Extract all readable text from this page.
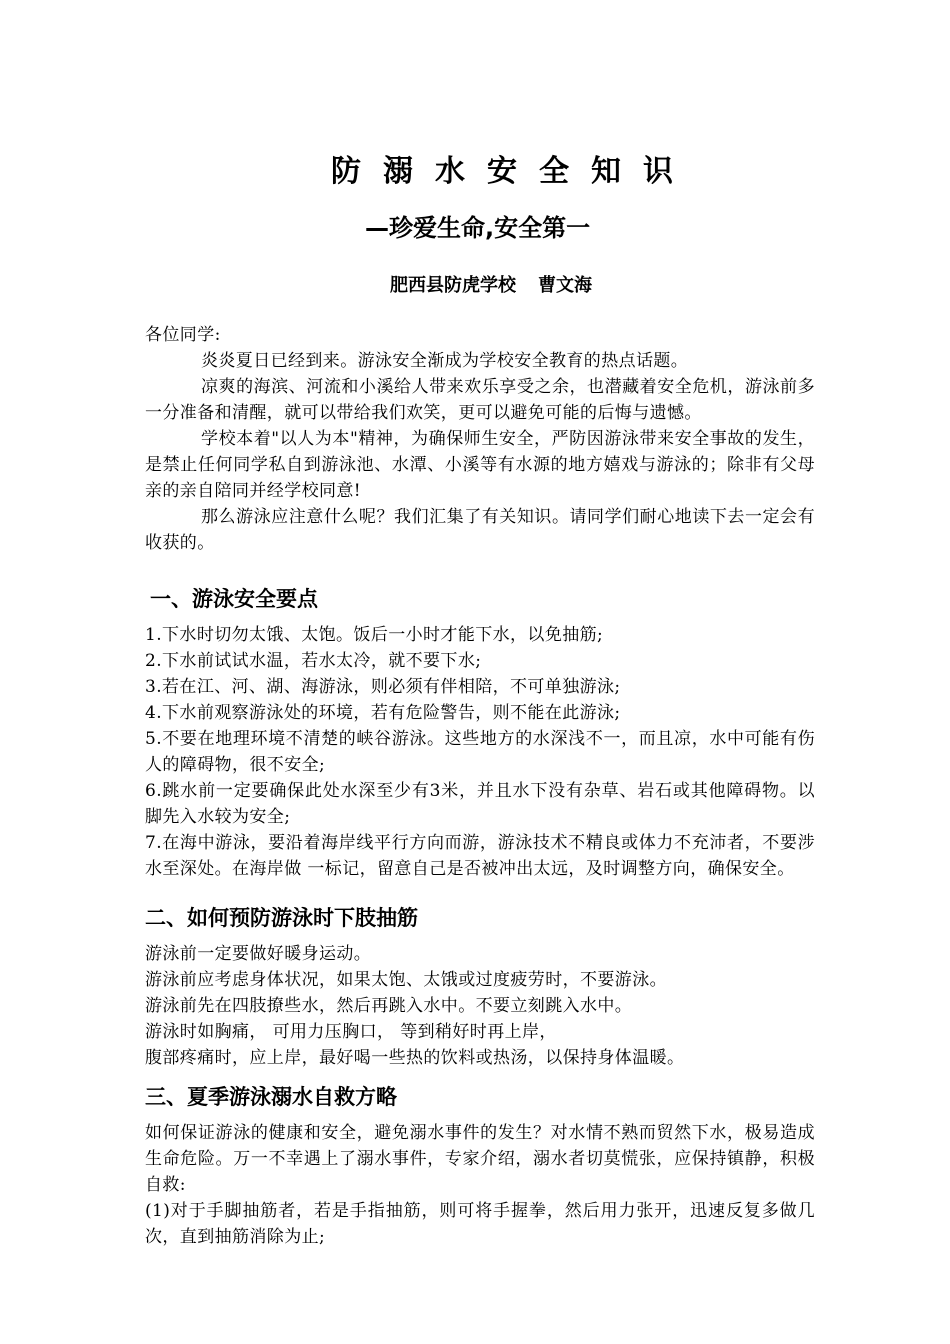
防溺水安全知识
—珍爱生命,安全第一
肥西县防虎学校 曹文海

各位同学:

炎炎夏日已经到来。游泳安全渐成为学校安全教育的热点话题。

凉爽的海滨、河流和小溪给人带来欢乐享受之余，也潜藏着安全危机，游泳前多一分准备和清醒，就可以带给我们欢笑，更可以避免可能的后悔与遗憾。

学校本着"以人为本"精神，为确保师生安全，严防因游泳带来安全事故的发生，是禁止任何同学私自到游泳池、水潭、小溪等有水源的地方嬉戏与游泳的；除非有父母亲的亲自陪同并经学校同意!

那么游泳应注意什么呢？我们汇集了有关知识。请同学们耐心地读下去一定会有收获的。

一、游泳安全要点

1.下水时切勿太饿、太饱。饭后一小时才能下水，以免抽筋;

2.下水前试试水温，若水太冷，就不要下水;

3.若在江、河、湖、海游泳，则必须有伴相陪，不可单独游泳;

4.下水前观察游泳处的环境，若有危险警告，则不能在此游泳;

5.不要在地理环境不清楚的峡谷游泳。这些地方的水深浅不一，而且凉，水中可能有伤人的障碍物，很不安全;

6.跳水前一定要确保此处水深至少有3米，并且水下没有杂草、岩石或其他障碍物。以脚先入水较为安全;

7.在海中游泳，要沿着海岸线平行方向而游，游泳技术不精良或体力不充沛者，不要涉水至深处。在海岸做 一标记，留意自己是否被冲出太远，及时调整方向，确保安全。

二、如何预防游泳时下肢抽筋

游泳前一定要做好暖身运动。

游泳前应考虑身体状况，如果太饱、太饿或过度疲劳时，不要游泳。

游泳前先在四肢撩些水，然后再跳入水中。不要立刻跳入水中。

游泳时如胸痛， 可用力压胸口， 等到稍好时再上岸，

腹部疼痛时，应上岸，最好喝一些热的饮料或热汤，以保持身体温暖。

三、夏季游泳溺水自救方略

如何保证游泳的健康和安全，避免溺水事件的发生？对水情不熟而贸然下水，极易造成生命危险。万一不幸遇上了溺水事件，专家介绍，溺水者切莫慌张，应保持镇静，积极自救:

(1)对于手脚抽筋者，若是手指抽筋，则可将手握拳，然后用力张开，迅速反复多做几次，直到抽筋消除为止;
